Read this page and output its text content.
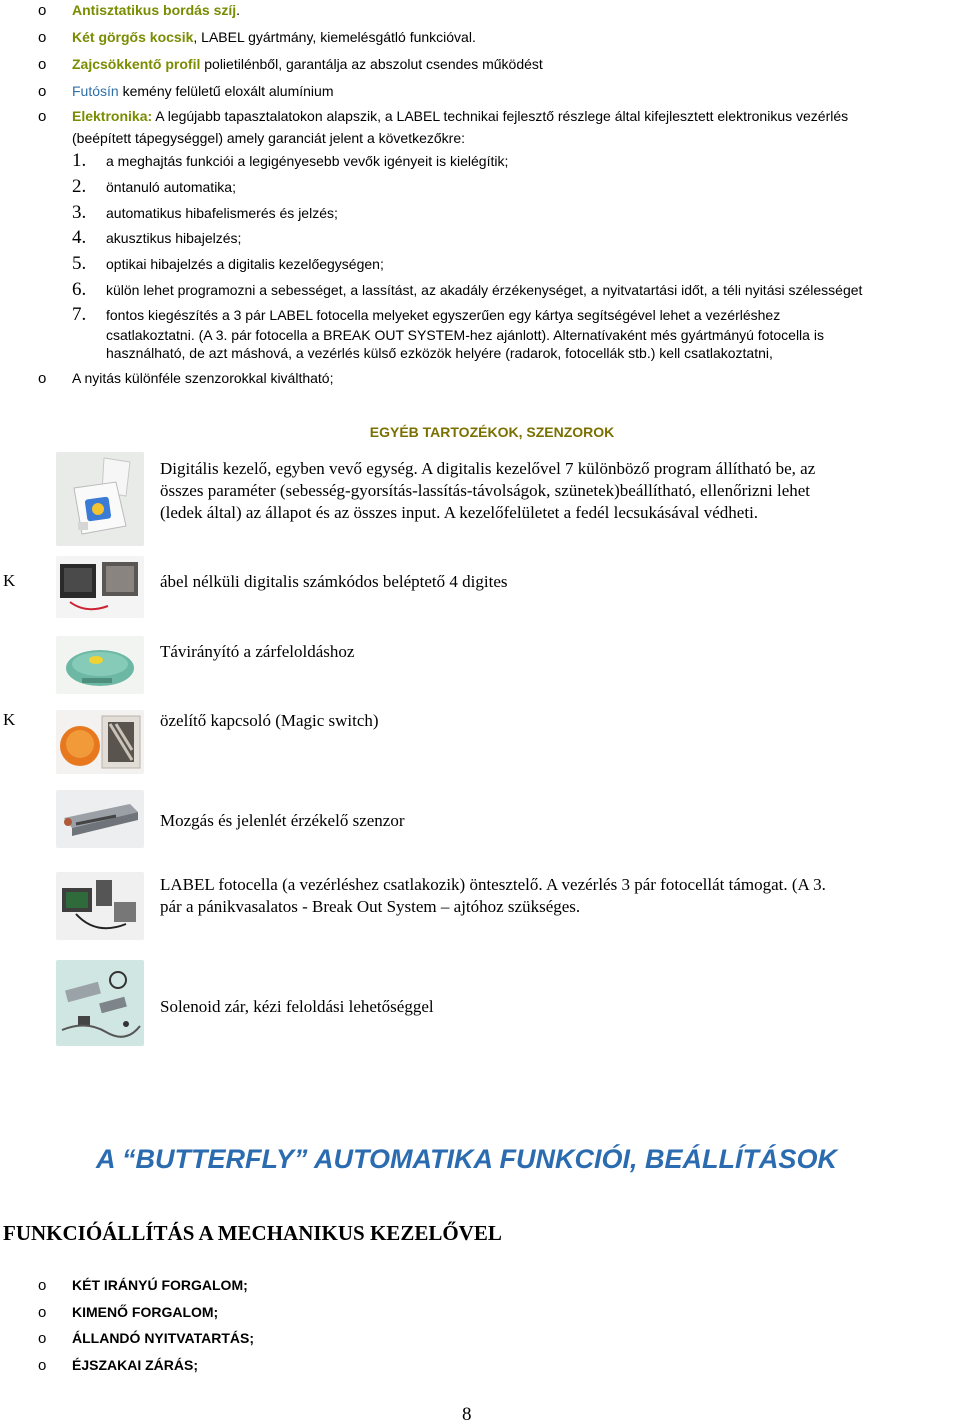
o Antisztatikus bordás szíj.
o Két görgős kocsik, LABEL gyártmány, kiemelésgátló funkcióval.
o Zajcsökkentő profil polietilénből, garantálja az abszolut csendes működést
o Futósín kemény felületű eloxált alumínium
o Elektronika: A legújabb tapasztalatokon alapszik, a LABEL technikai fejlesztő részlege által kifejlesztett elektronikus vezérlés
(beépített tápegységgel) amely garanciát jelent a következőkre:
1. a meghajtás funkciói a legigényesebb vevők igényeit is kielégítik;
2. öntanuló automatika;
3. automatikus hibafelismerés és jelzés;
4. akusztikus hibajelzés;
5. optikai hibajelzés a digitalis kezelőegységen;
6. külön lehet programozni a sebességet, a lassítást, az akadály érzékenységet, a nyitvatartási időt, a téli nyitási szélességet
7. fontos kiegészítés a 3 pár LABEL fotocella melyeket egyszerűen egy kártya segítségével lehet a vezérléshez
csatlakoztatni. (A 3. pár fotocella a BREAK OUT SYSTEM-hez ajánlott). Alternatívaként més gyártmányú fotocella is
használható, de azt máshová, a vezérlés külső ezközök helyére (radarok, fotocellák stb.) kell csatlakoztatni,
o A nyitás különféle szenzorokkal kiváltható;
EGYÉB TARTOZÉKOK, SZENZOROK
Digitális kezelő, egyben vevő egység. A digitalis kezelővel 7 különböző program állítható be, az
összes paraméter (sebesség-gyorsítás-lassítás-távolságok, szünetek)beállítható, ellenőrizni lehet
(ledek által) az állapot és az összes input. A kezelőfelületet a fedél lecsukásával védheti.
K	ábel nélküli digitalis számkódos beléptető 4 digites
Távirányító a zárfeloldáshoz
K	özelítő kapcsoló (Magic switch)
Mozgás és jelenlét érzékelő szenzor
LABEL fotocella (a vezérléshez csatlakozik) öntesztelő. A vezérlés 3 pár fotocellát támogat. (A 3.
pár a pánikvasalatos - Break Out System – ajtóhoz szükséges.
Solenoid zár, kézi feloldási lehetőséggel
A “BUTTERFLY” AUTOMATIKA FUNKCIÓI, BEÁLLÍTÁSOK
FUNKCIÓÁLLÍTÁS A MECHANIKUS KEZELŐVEL
o KÉT IRÁNYÚ FORGALOM;
o KIMENŐ FORGALOM;
o ÁLLANDÓ NYITVATARTÁS;
o ÉJSZAKAI ZÁRÁS;
8
